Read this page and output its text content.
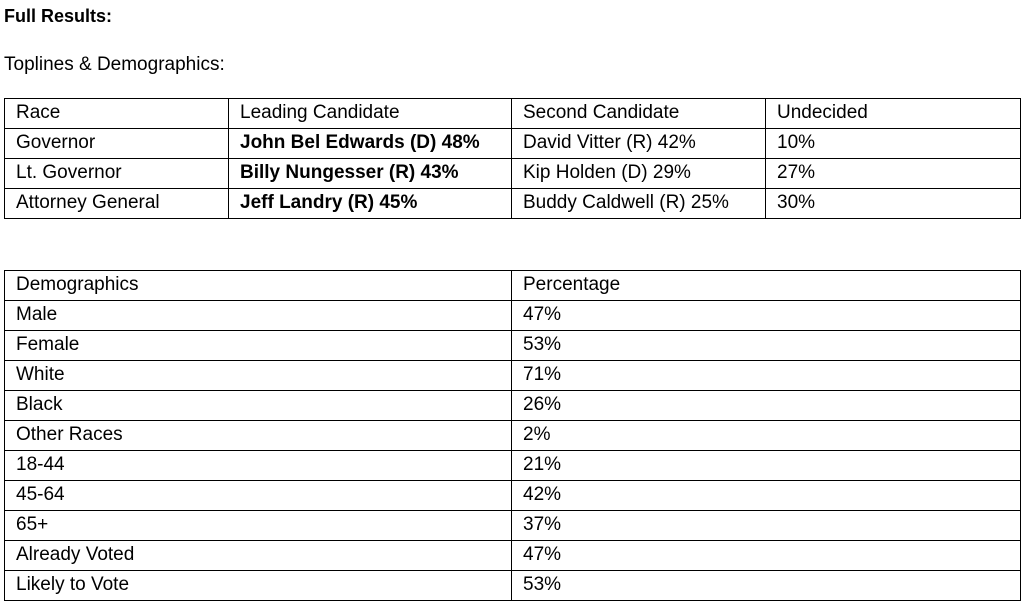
Full Results:

Toplines & Demographics:

Race	Leading Candidate	Second Candidate	Undecided
Governor	John Bel Edwards (D) 48%	David Vitter (R) 42%	10%
Lt. Governor	Billy Nungesser (R) 43%	Kip Holden (D) 29%	27%
Attorney General	Jeff Landry (R) 45%	Buddy Caldwell (R) 25%	30%
Demographics	Percentage
Male	47%
Female	53%
White	71%
Black	26%
Other Races	2%
18-44	21%
45-64	42%
65+	37%
Already Voted	47%
Likely to Vote	53%
